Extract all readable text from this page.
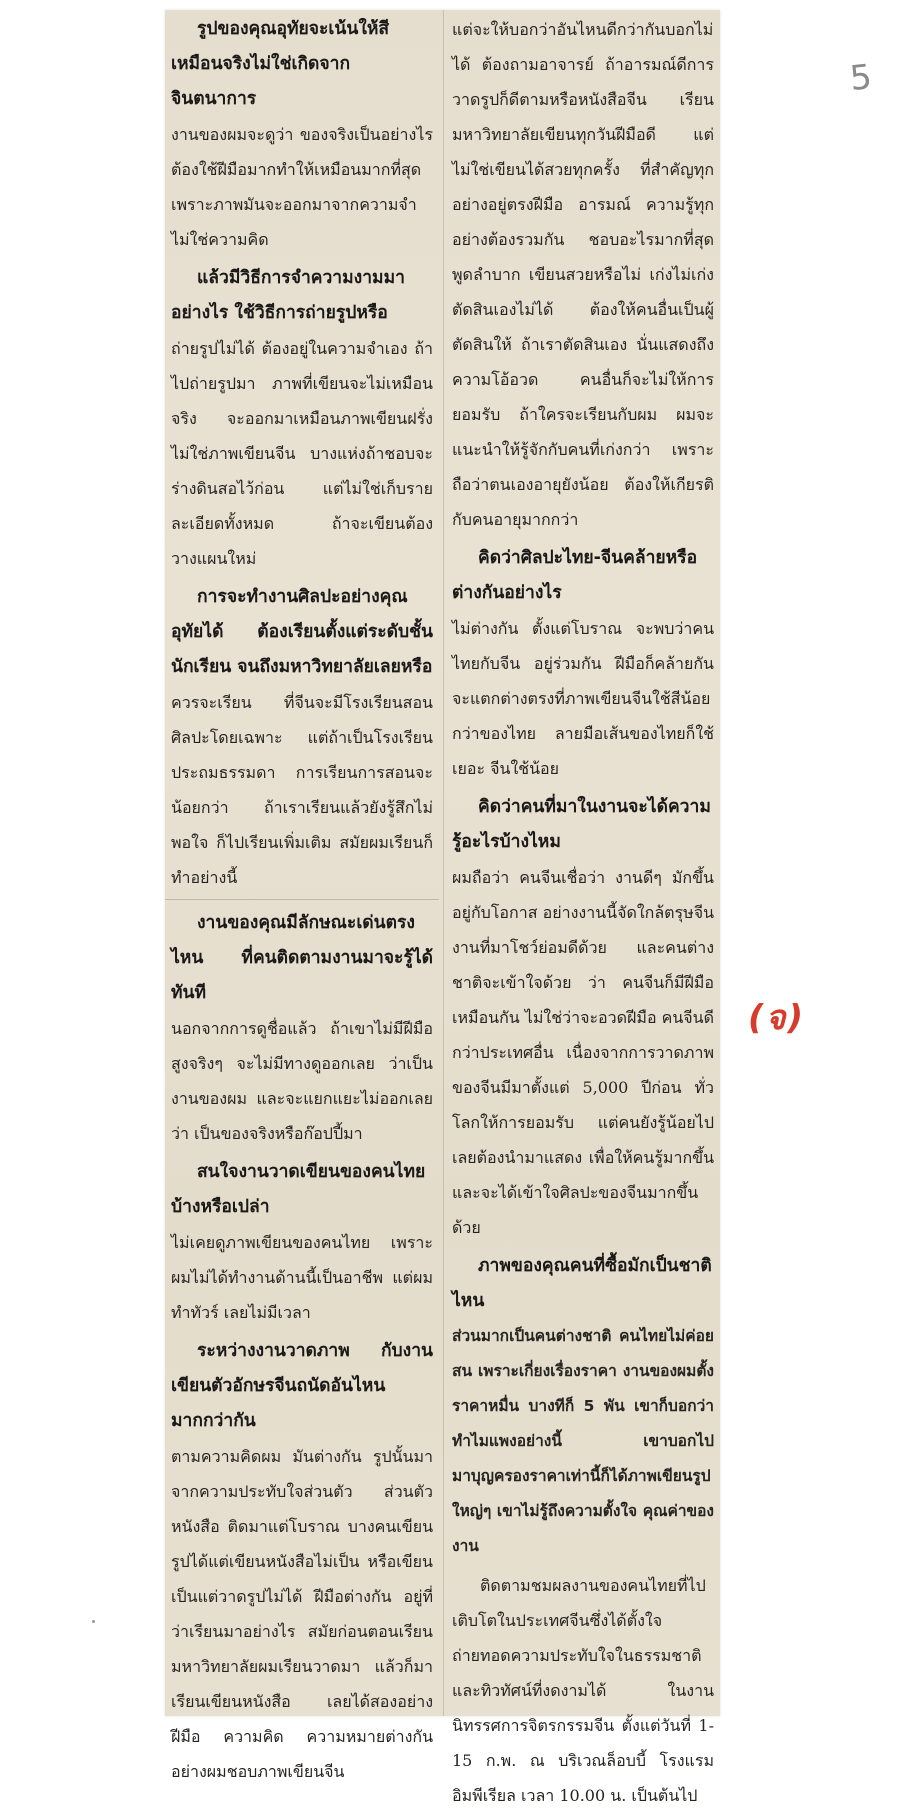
5
(จ)

รูปของคุณอุทัยจะเน้นให้สีเหมือนจริงไม่ใช่เกิดจากจินตนาการ

งานของผมจะดูว่า ของจริงเป็นอย่างไร ต้องใช้ฝีมือมากทำให้เหมือนมากที่สุด เพราะภาพมันจะออกมาจากความจำไม่ใช่ความคิด

แล้วมีวิธีการจำความงามมาอย่างไร ใช้วิธีการถ่ายรูปหรือ

ถ่ายรูปไม่ได้ ต้องอยู่ในความจำเอง ถ้าไปถ่ายรูปมา ภาพที่เขียนจะไม่เหมือนจริง จะออกมาเหมือนภาพเขียนฝรั่งไม่ใช่ภาพเขียนจีน บางแห่งถ้าชอบจะร่างดินสอไว้ก่อน แต่ไม่ใช่เก็บรายละเอียดทั้งหมด ถ้าจะเขียนต้องวางแผนใหม่

การจะทำงานศิลปะอย่างคุณอุทัยได้ ต้องเรียนตั้งแต่ระดับชั้นนักเรียน จนถึงมหาวิทยาลัยเลยหรือ

ควรจะเรียน ที่จีนจะมีโรงเรียนสอนศิลปะโดยเฉพาะ แต่ถ้าเป็นโรงเรียนประถมธรรมดา การเรียนการสอนจะน้อยกว่า ถ้าเราเรียนแล้วยังรู้สึกไม่พอใจ ก็ไปเรียนเพิ่มเติม สมัยผมเรียนก็ทำอย่างนี้

งานของคุณมีลักษณะเด่นตรงไหน ที่คนติดตามงานมาจะรู้ได้ทันที

นอกจากการดูชื่อแล้ว ถ้าเขาไม่มีฝีมือสูงจริงๆ จะไม่มีทางดูออกเลย ว่าเป็นงานของผม และจะแยกแยะไม่ออกเลยว่า เป็นของจริงหรือก๊อปปี้มา

สนใจงานวาดเขียนของคนไทยบ้างหรือเปล่า

ไม่เคยดูภาพเขียนของคนไทย เพราะผมไม่ได้ทำงานด้านนี้เป็นอาชีพ แต่ผมทำทัวร์ เลยไม่มีเวลา

ระหว่างงานวาดภาพ กับงานเขียนตัวอักษรจีนถนัดอันไหนมากกว่ากัน

ตามความคิดผม มันต่างกัน รูปนั้นมาจากความประทับใจส่วนตัว ส่วนตัวหนังสือ ติดมาแต่โบราณ บางคนเขียนรูปได้แต่เขียนหนังสือไม่เป็น หรือเขียนเป็นแต่วาดรูปไม่ได้ ฝีมือต่างกัน อยู่ที่ว่าเรียนมาอย่างไร สมัยก่อนตอนเรียนมหาวิทยาลัยผมเรียนวาดมา แล้วก็มาเรียนเขียนหนังสือ เลยได้สองอย่าง ฝีมือ ความคิด ความหมายต่างกัน อย่างผมชอบภาพเขียนจีน

แต่จะให้บอกว่าอันไหนดีกว่ากันบอกไม่ได้ ต้องถามอาจารย์ ถ้าอารมณ์ดีการวาดรูปก็ดีตามหรือหนังสือจีน เรียนมหาวิทยาลัยเขียนทุกวันฝีมือดี แต่ไม่ใช่เขียนได้สวยทุกครั้ง ที่สำคัญทุกอย่างอยู่ตรงฝีมือ อารมณ์ ความรู้ทุกอย่างต้องรวมกัน ชอบอะไรมากที่สุดพูดลำบาก เขียนสวยหรือไม่ เก่งไม่เก่ง ตัดสินเองไม่ได้ ต้องให้คนอื่นเป็นผู้ตัดสินให้ ถ้าเราตัดสินเอง นั่นแสดงถึงความโอ้อวด คนอื่นก็จะไม่ให้การยอมรับ ถ้าใครจะเรียนกับผม ผมจะแนะนำให้รู้จักกับคนที่เก่งกว่า เพราะถือว่าตนเองอายุยังน้อย ต้องให้เกียรติกับคนอายุมากกว่า

คิดว่าศิลปะไทย-จีนคล้ายหรือต่างกันอย่างไร

ไม่ต่างกัน ตั้งแต่โบราณ จะพบว่าคนไทยกับจีน อยู่ร่วมกัน ฝีมือก็คล้ายกัน จะแตกต่างตรงที่ภาพเขียนจีนใช้สีน้อยกว่าของไทย ลายมือเส้นของไทยก็ใช้เยอะ จีนใช้น้อย

คิดว่าคนที่มาในงานจะได้ความรู้อะไรบ้างไหม

ผมถือว่า คนจีนเชื่อว่า งานดีๆ มักขึ้นอยู่กับโอกาส อย่างงานนี้จัดใกล้ตรุษจีน งานที่มาโชว์ย่อมดีด้วย และคนต่างชาติจะเข้าใจด้วย ว่า คนจีนก็มีฝีมือเหมือนกัน ไม่ใช่ว่าจะอวดฝีมือ คนจีนดีกว่าประเทศอื่น เนื่องจากการวาดภาพของจีนมีมาตั้งแต่ 5,000 ปีก่อน ทั่วโลกให้การยอมรับ แต่คนยังรู้น้อยไป เลยต้องนำมาแสดง เพื่อให้คนรู้มากขึ้นและจะได้เข้าใจศิลปะของจีนมากขึ้นด้วย

ภาพของคุณคนที่ซื้อมักเป็นชาติไหน

ส่วนมากเป็นคนต่างชาติ คนไทยไม่ค่อยสน เพราะเกี่ยงเรื่องราคา งานของผมตั้งราคาหมื่น บางทีก็ 5 พัน เขาก็บอกว่าทำไมแพงอย่างนี้ เขาบอกไปมาบุญครองราคาเท่านี้ก็ได้ภาพเขียนรูปใหญ่ๆ เขาไม่รู้ถึงความตั้งใจ คุณค่าของงาน

ติดตามชมผลงานของคนไทยที่ไปเติบโตในประเทศจีนซึ่งได้ตั้งใจถ่ายทอดความประทับใจในธรรมชาติ และทิวทัศน์ที่งดงามได้ ในงานนิทรรศการจิตรกรรมจีน ตั้งแต่วันที่ 1-15 ก.พ. ณ บริเวณล็อบบี้ โรงแรมอิมพีเรียล เวลา 10.00 น. เป็นต้นไป
